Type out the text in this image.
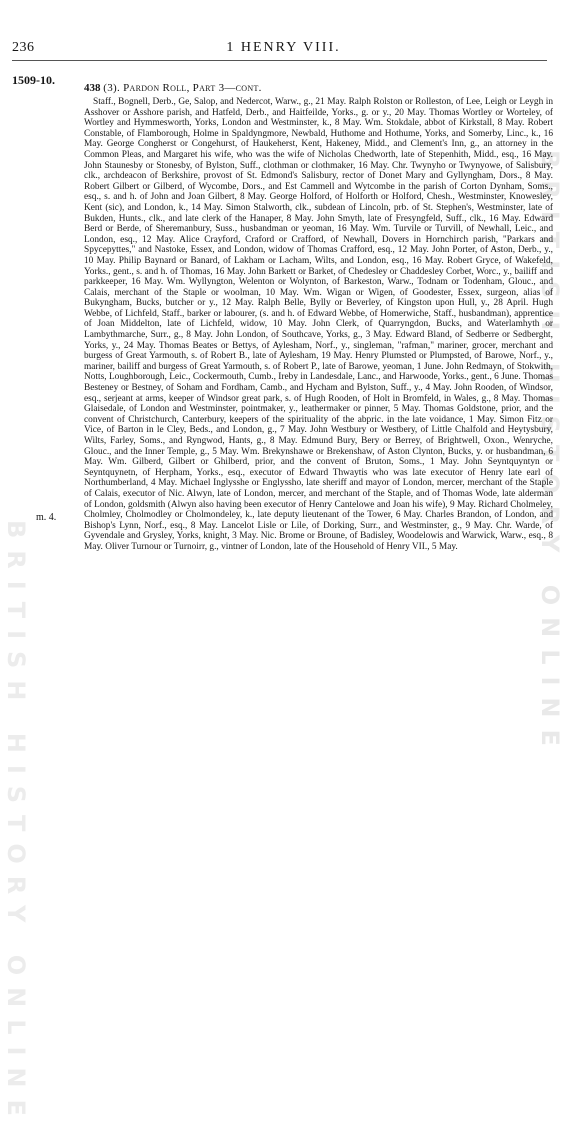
BRITISH HISTORY ONLINE
BRITISH HISTORY ONLINE
236	1 HENRY VIII.
1509-10.
438 (3). Pardon Roll, Part 3—cont.

Staff., Bognell, Derb., Ge, Salop, and Nedercot, Warw., g., 21 May. Ralph Rolston or Rolleston, of Lee, Leigh or Leygh in Asshover or Asshore parish, and Hatfeld, Derb., and Haitfeilde, Yorks., g. or y., 20 May. Thomas Wortley or Worteley, of Wortley and Hymmesworth, Yorks, London and Westminster, k., 8 May. Wm. Stokdale, abbot of Kirkstall, 8 May. Robert Constable, of Flamborough, Holme in Spaldyngmore, Newbald, Huthome and Hothume, Yorks, and Somerby, Linc., k., 16 May. George Congherst or Congehurst, of Haukeherst, Kent, Hakeney, Midd., and Clement's Inn, g., an attorney in the Common Pleas, and Margaret his wife, who was the wife of Nicholas Chedworth, late of Stepenhith, Midd., esq., 16 May. John Staunesby or Stonesby, of Bylston, Suff., clothman or clothmaker, 16 May. Chr. Twynyho or Twynyowe, of Salisbury, clk., archdeacon of Berkshire, provost of St. Edmond's Salisbury, rector of Donet Mary and Gyllyngham, Dors., 8 May. Robert Gilbert or Gilberd, of Wycombe, Dors., and Est Cammell and Wytcombe in the parish of Corton Dynham, Soms., esq., s. and h. of John and Joan Gilbert, 8 May. George Holford, of Holforth or Holford, Chesh., Westminster, Knowesley, Kent (sic), and London, k., 14 May. Simon Stalworth, clk., subdean of Lincoln, prb. of St. Stephen's, Westminster, late of Bukden, Hunts., clk., and late clerk of the Hanaper, 8 May. John Smyth, late of Fresyngfeld, Suff., clk., 16 May. Edward Berd or Berde, of Sheremanbury, Suss., husbandman or yeoman, 16 May. Wm. Turvile or Turvill, of Newhall, Leic., and London, esq., 12 May. Alice Crayford, Craford or Crafford, of Newhall, Dovers in Hornchirch parish, "Parkars and Spycepyttes," and Nastoke, Essex, and London, widow of Thomas Crafford, esq., 12 May. John Porter, of Aston, Derb., y., 10 May. Philip Baynard or Banard, of Lakham or Lacham, Wilts, and London, esq., 16 May. Robert Gryce, of Wakefeld, Yorks., gent., s. and h. of Thomas, 16 May. John Barkett or Barket, of Chedesley or Chaddesley Corbet, Worc., y., bailiff and parkkeeper, 16 May. Wm. Wyllyngton, Welenton or Wolynton, of Barkeston, Warw., Todnam or Todenham, Glouc., and Calais, merchant of the Staple or woolman, 10 May. Wm. Wigan or Wigen, of Goodester, Essex, surgeon, alias of Bukyngham, Bucks, butcher or y., 12 May. Ralph Belle, Bylly or Beverley, of Kingston upon Hull, y., 28 April. Hugh Webbe, of Lichfeld, Staff., barker or labourer, (s. and h. of Edward Webbe, of Homerwiche, Staff., husbandman), apprentice of Joan Middelton, late of Lichfeld, widow, 10 May. John Clerk, of Quarryngdon, Bucks, and Waterlamhyth or Lambythmarche, Surr., g., 8 May. John London, of Southcave, Yorks, g., 3 May. Edward Bland, of Sedberre or Sedberght, Yorks, y., 24 May. Thomas Beates or Bettys, of Aylesham, Norf., y., singleman, "rafman," mariner, grocer, merchant and burgess of Great Yarmouth, s. of Robert B., late of Aylesham, 19 May. Henry Plumsted or Plumpsted, of Barowe, Norf., y., mariner, bailiff and burgess of Great Yarmouth, s. of Robert P., late of Barowe, yeoman, 1 June. John Redmayn, of Stokwith, Notts, Loughborough, Leic., Cockermouth, Cumb., Ireby in Landesdale, Lanc., and Harwoode, Yorks., gent., 6 June. Thomas Besteney or Bestney, of Soham and Fordham, Camb., and Hycham and Bylston, Suff., y., 4 May. John Rooden, of Windsor, esq., serjeant at arms, keeper of Windsor great park, s. of Hugh Rooden, of Holt in Bromfeld, in Wales, g., 8 May. Thomas Glaisedale, of London and Westminster, pointmaker, y., leathermaker or pinner, 5 May. Thomas Goldstone, prior, and the convent of Christchurch, Canterbury, keepers of the spirituality of the abpric. in the late voidance, 1 May. Simon Fitz or Vice, of Barton in le Cley, Beds., and London, g., 7 May. John Westbury or Westbery, of Little Chalfold and Heytysbury, Wilts, Farley, Soms., and Ryngwod, Hants, g., 8 May. Edmund Bury, Bery or Berrey, of Brightwell, Oxon., Wenryche, Glouc., and the Inner Temple, g., 5 May. Wm. Brekynshawe or Brekenshaw, of Aston Clynton, Bucks, y. or husbandman, 6 May. Wm. Gilberd, Gilbert or Ghilberd, prior, and the convent of Bruton, Soms., 1 May. John Seyntquyntyn or Seyntquynetn, of Herpham, Yorks., esq., executor of Edward Thwaytis who was late executor of Henry late earl of Northumberland, 4 May. Michael Inglysshe or Englyssho, late sheriff and mayor of London, mercer, merchant of the Staple of Calais, executor of Nic. Alwyn, late of London, mercer, and merchant of the Staple, and of Thomas Wode, late alderman of London, goldsmith (Alwyn also having been executor of Henry Cantelowe and Joan his wife), 9 May. Richard Cholmeley, Cholmley, Cholmodley or Cholmondeley, k., late deputy lieutenant of the Tower, 6 May. Charles Brandon, of London, and Bishop's Lynn, Norf., esq., 8 May. Lancelot Lisle or Lile, of Dorking, Surr., and Westminster, g., 9 May. Chr. Warde, of Gyvendale and Grysley, Yorks, knight, 3 May. Nic. Brome or Broune, of Badisley, Woodelowis and Warwick, Warw., esq., 8 May. Oliver Turnour or Turnoirr, g., vintner of London, late of the Household of Henry VII., 5 May.

m. 4.
